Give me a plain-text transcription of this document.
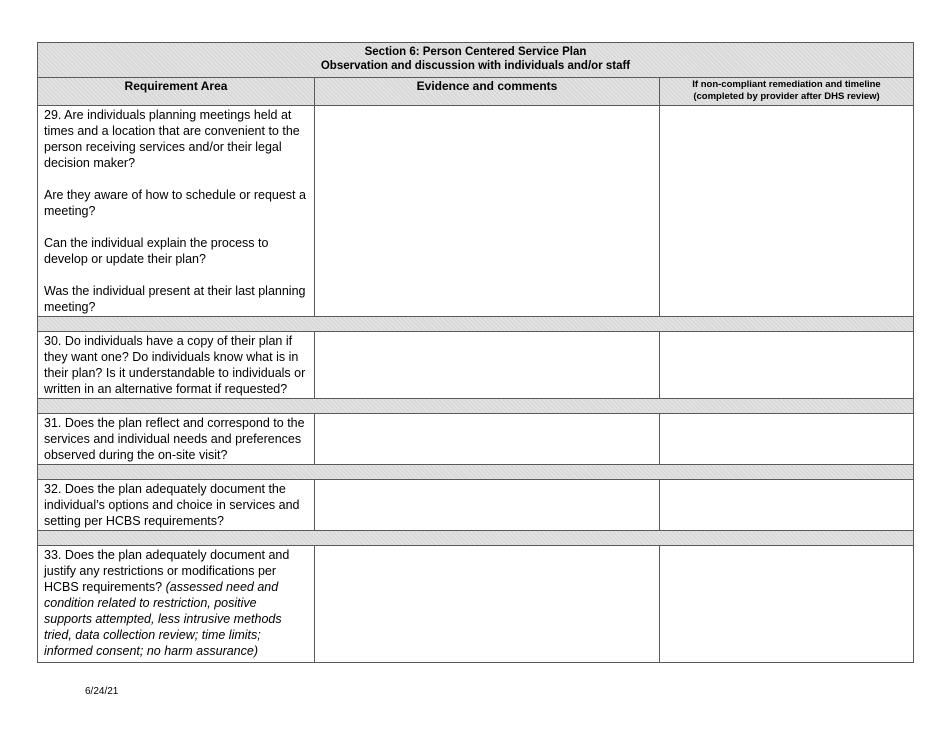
Section 6: Person Centered Service Plan
Observation and discussion with individuals and/or staff		

Requirement Area	Evidence and comments	If non-compliant remediation and timeline
(completed by provider after DHS review)

29. Are individuals planning meetings held at times and a location that are convenient to the person receiving services and/or their legal decision maker?

Are they aware of how to schedule or request a meeting?

Can the individual explain the process to develop or update their plan?

Was the individual present at their last planning meeting?		

30. Do individuals have a copy of their plan if they want one? Do individuals know what is in their plan? Is it understandable to individuals or written in an alternative format if requested?		

31. Does the plan reflect and correspond to the services and individual needs and preferences observed during the on-site visit?		

32. Does the plan adequately document the individual’s options and choice in services and setting per HCBS requirements?		

33. Does the plan adequately document and justify any restrictions or modifications per HCBS requirements? (assessed need and condition related to restriction, positive supports attempted, less intrusive methods tried, data collection review; time limits; informed consent; no harm assurance)		
6/24/21
